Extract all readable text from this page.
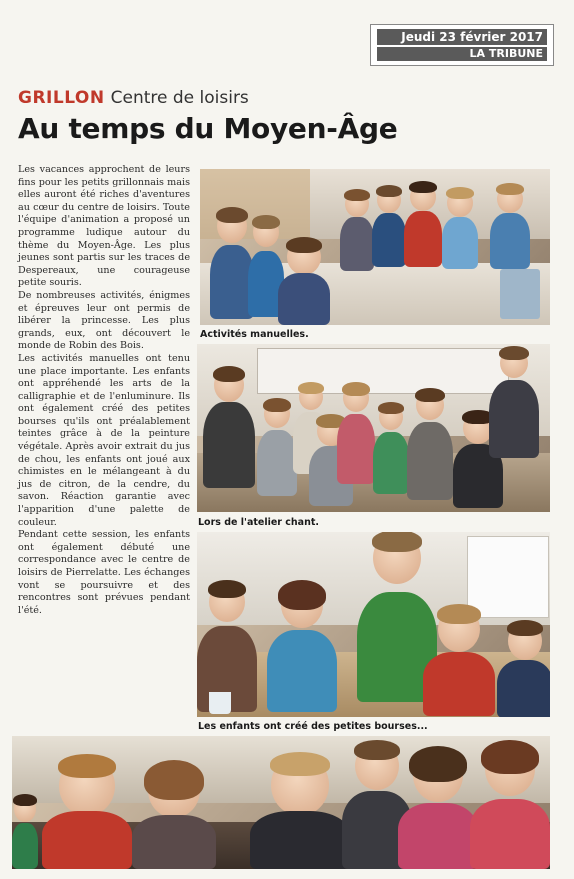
Jeudi 23 février 2017
LA TRIBUNE
GRILLON Centre de loisirs
Au temps du Moyen-Âge

Les vacances approchent de leurs fins pour les petits grillonnais mais elles auront été riches d'aventures au cœur du centre de loisirs. Toute l'équipe d'animation a proposé un programme ludique autour du thème du Moyen-Âge. Les plus jeunes sont partis sur les traces de Despereaux, une courageuse petite souris.

De nombreuses activités, énigmes et épreuves leur ont permis de libérer la princesse. Les plus grands, eux, ont découvert le monde de Robin des Bois.

Les activités manuelles ont tenu une place importante. Les enfants ont appréhendé les arts de la calligraphie et de l'enluminure. Ils ont également créé des petites bourses qu'ils ont préalablement teintes grâce à de la peinture végétale. Après avoir extrait du jus de chou, les enfants ont joué aux chimistes en le mélangeant à du jus de citron, de la cendre, du savon. Réaction garantie avec l'apparition d'une palette de couleur.

Pendant cette session, les enfants ont également débuté une correspondance avec le centre de loisirs de Pierrelatte. Les échanges vont se poursuivre et des rencontres sont prévues pendant l'été.

Activités manuelles.
Lors de l'atelier chant.
Les enfants ont créé des petites bourses...
